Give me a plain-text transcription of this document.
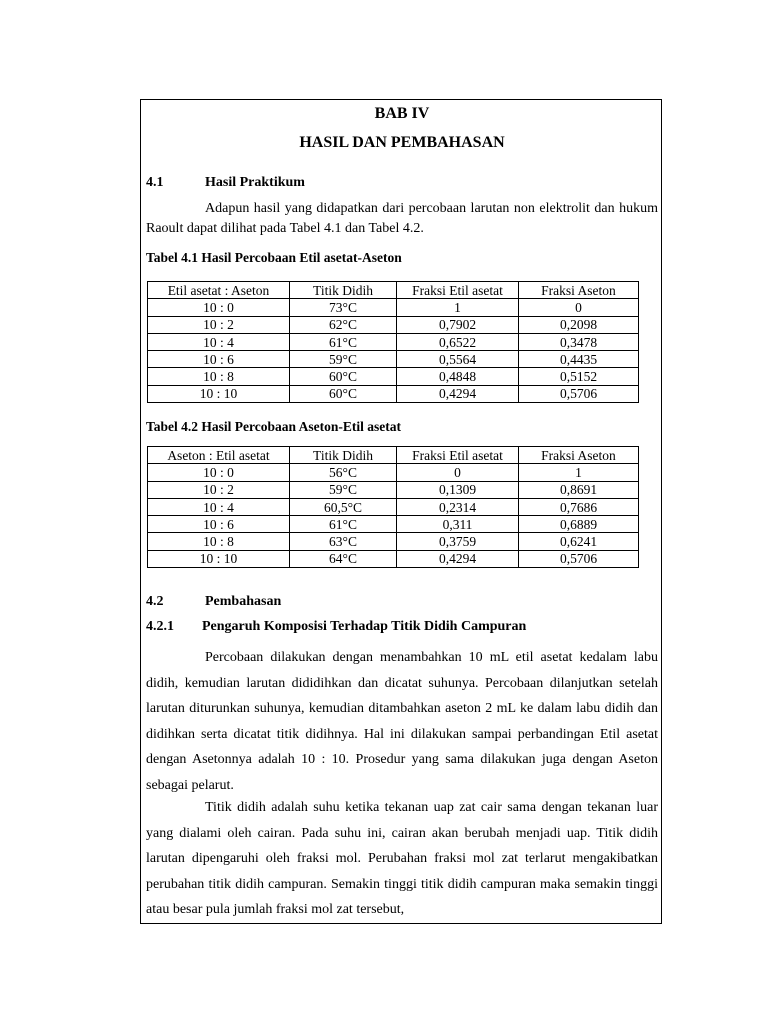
BAB IV
HASIL DAN PEMBAHASAN
4.1	Hasil Praktikum
Adapun hasil yang didapatkan dari percobaan larutan non elektrolit dan hukum Raoult dapat dilihat pada Tabel 4.1 dan Tabel 4.2.
Tabel 4.1 Hasil Percobaan Etil asetat-Aseton
Etil asetat : Aseton	Titik Didih	Fraksi Etil asetat	Fraksi Aseton
10 : 0	73°C	1	0
10 : 2	62°C	0,7902	0,2098
10 : 4	61°C	0,6522	0,3478
10 : 6	59°C	0,5564	0,4435
10 : 8	60°C	0,4848	0,5152
10 : 10	60°C	0,4294	0,5706
Tabel 4.2 Hasil Percobaan Aseton-Etil asetat
Aseton : Etil asetat	Titik Didih	Fraksi Etil asetat	Fraksi Aseton
10 : 0	56°C	0	1
10 : 2	59°C	0,1309	0,8691
10 : 4	60,5°C	0,2314	0,7686
10 : 6	61°C	0,311	0,6889
10 : 8	63°C	0,3759	0,6241
10 : 10	64°C	0,4294	0,5706
4.2	Pembahasan
4.2.1 Pengaruh Komposisi Terhadap Titik Didih Campuran
Percobaan dilakukan dengan menambahkan 10 mL etil asetat kedalam labu didih, kemudian larutan dididihkan dan dicatat suhunya. Percobaan dilanjutkan setelah larutan diturunkan suhunya, kemudian ditambahkan aseton 2 mL ke dalam labu didih dan didihkan serta dicatat titik didihnya. Hal ini dilakukan sampai perbandingan Etil asetat dengan Asetonnya adalah 10 : 10. Prosedur yang sama dilakukan juga dengan Aseton sebagai pelarut.
Titik didih adalah suhu ketika tekanan uap zat cair sama dengan tekanan luar yang dialami oleh cairan. Pada suhu ini, cairan akan berubah menjadi uap. Titik didih larutan dipengaruhi oleh fraksi mol. Perubahan fraksi mol zat terlarut mengakibatkan perubahan titik didih campuran. Semakin tinggi titik didih campuran maka semakin tinggi atau besar pula jumlah fraksi mol zat tersebut,
